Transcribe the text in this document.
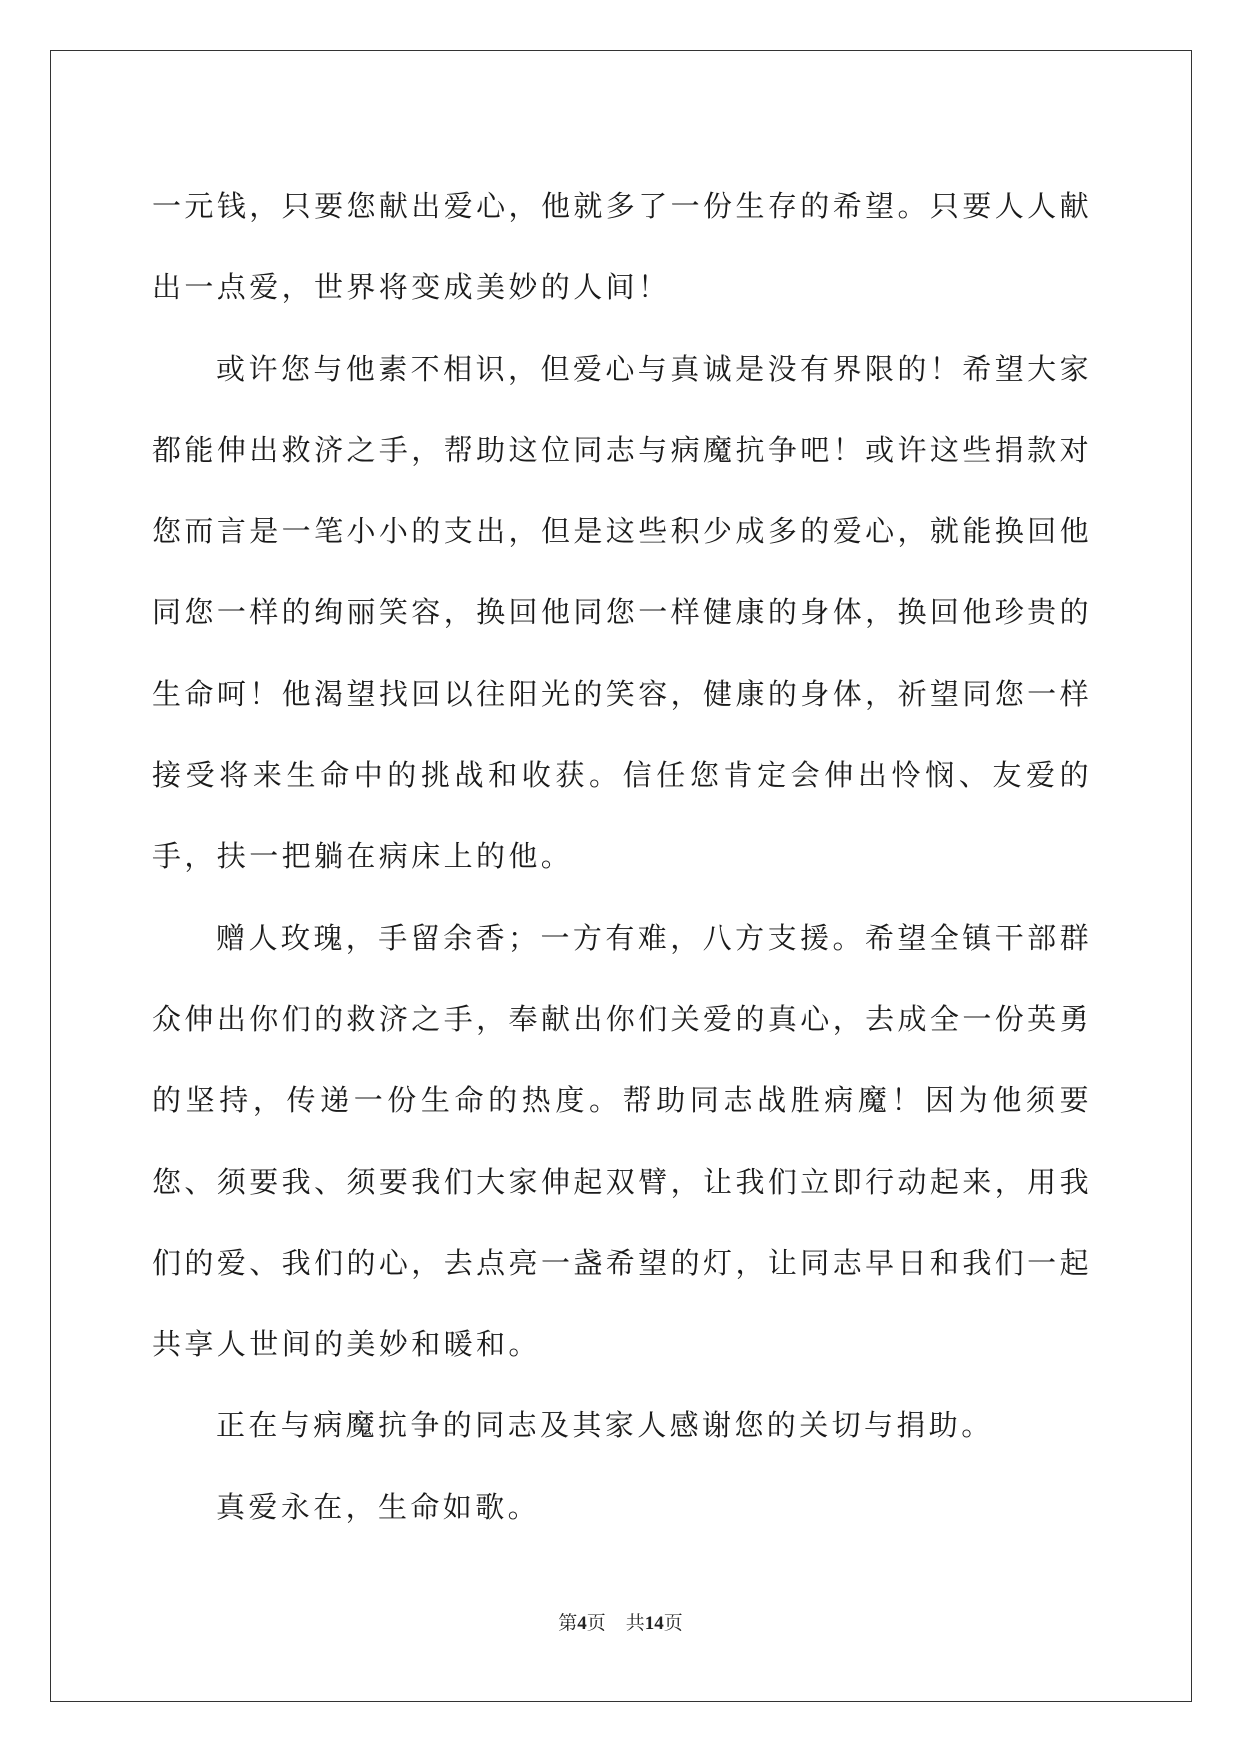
一元钱，只要您献出爱心，他就多了一份生存的希望。只要人人献出一点爱，世界将变成美妙的人间！

或许您与他素不相识，但爱心与真诚是没有界限的！希望大家都能伸出救济之手，帮助这位同志与病魔抗争吧！或许这些捐款对您而言是一笔小小的支出，但是这些积少成多的爱心，就能换回他同您一样的绚丽笑容，换回他同您一样健康的身体，换回他珍贵的生命呵！他渴望找回以往阳光的笑容，健康的身体，祈望同您一样接受将来生命中的挑战和收获。信任您肯定会伸出怜悯、友爱的手，扶一把躺在病床上的他。

赠人玫瑰，手留余香；一方有难，八方支援。希望全镇干部群众伸出你们的救济之手，奉献出你们关爱的真心，去成全一份英勇的坚持，传递一份生命的热度。帮助同志战胜病魔！因为他须要您、须要我、须要我们大家伸起双臂，让我们立即行动起来，用我们的爱、我们的心，去点亮一盏希望的灯，让同志早日和我们一起共享人世间的美妙和暖和。

正在与病魔抗争的同志及其家人感谢您的关切与捐助。

真爱永在，生命如歌。

第4页 共14页
